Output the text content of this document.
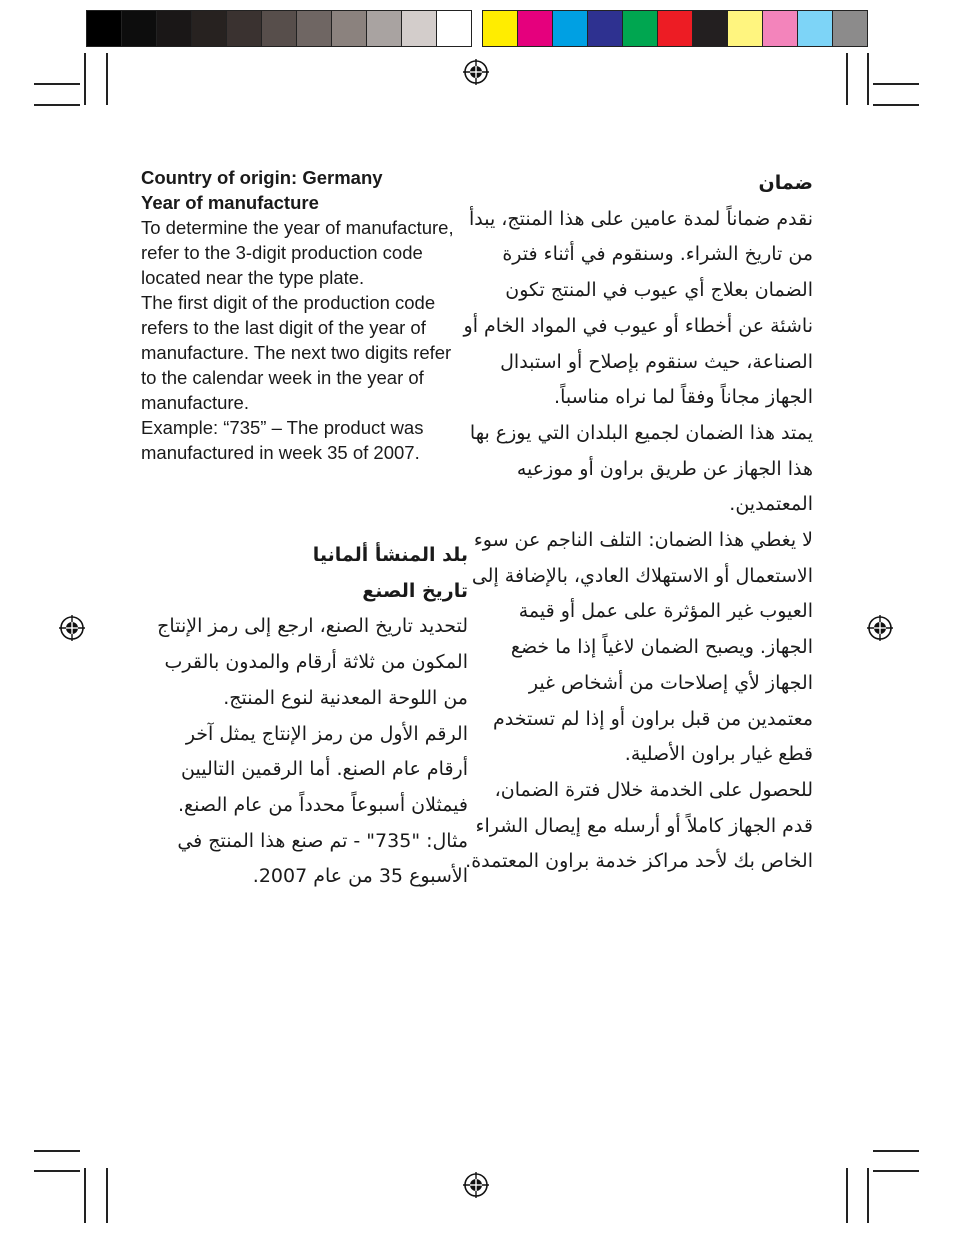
Country of origin: Germany

Year of manufacture

To determine the year of manufacture, refer to the 3-digit production code located near the type plate.

The first digit of the production code refers to the last digit of the year of manufacture. The next two digits refer to the calendar week in the year of manufacture.

Example: “735” – The product was manufactured in week 35 of 2007.

ضمان

نقدم ضماناً لمدة عامين على هذا المنتج، يبدأ من تاريخ الشراء. وسنقوم في أثناء فترة الضمان بعلاج أي عيوب في المنتج تكون ناشئة عن أخطاء أو عيوب في المواد الخام أو الصناعة، حيث سنقوم بإصلاح أو استبدال الجهاز مجاناً وفقاً لما نراه مناسباً.

يمتد هذا الضمان لجميع البلدان التي يوزع بها هذا الجهاز عن طريق براون أو موزعيه المعتمدين.

لا يغطي هذا الضمان: التلف الناجم عن سوء الاستعمال أو الاستهلاك العادي، بالإضافة إلى العيوب غير المؤثرة على عمل أو قيمة الجهاز. ويصبح الضمان لاغياً إذا ما خضع الجهاز لأي إصلاحات من أشخاص غير معتمدين من قبل براون أو إذا لم تستخدم قطع غيار براون الأصلية.

للحصول على الخدمة خلال فترة الضمان، قدم الجهاز كاملاً أو أرسله مع إيصال الشراء الخاص بك لأحد مراكز خدمة براون المعتمدة.

بلد المنشأ ألمانيا

تاريخ الصنع

لتحديد تاريخ الصنع، ارجع إلى رمز الإنتاج المكون من ثلاثة أرقام والمدون بالقرب من اللوحة المعدنية لنوع المنتج.

الرقم الأول من رمز الإنتاج يمثل آخر أرقام عام الصنع. أما الرقمين التاليين فيمثلان أسبوعاً محدداً من عام الصنع.

مثال: "735" - تم صنع هذا المنتج في الأسبوع 35 من عام 2007.
